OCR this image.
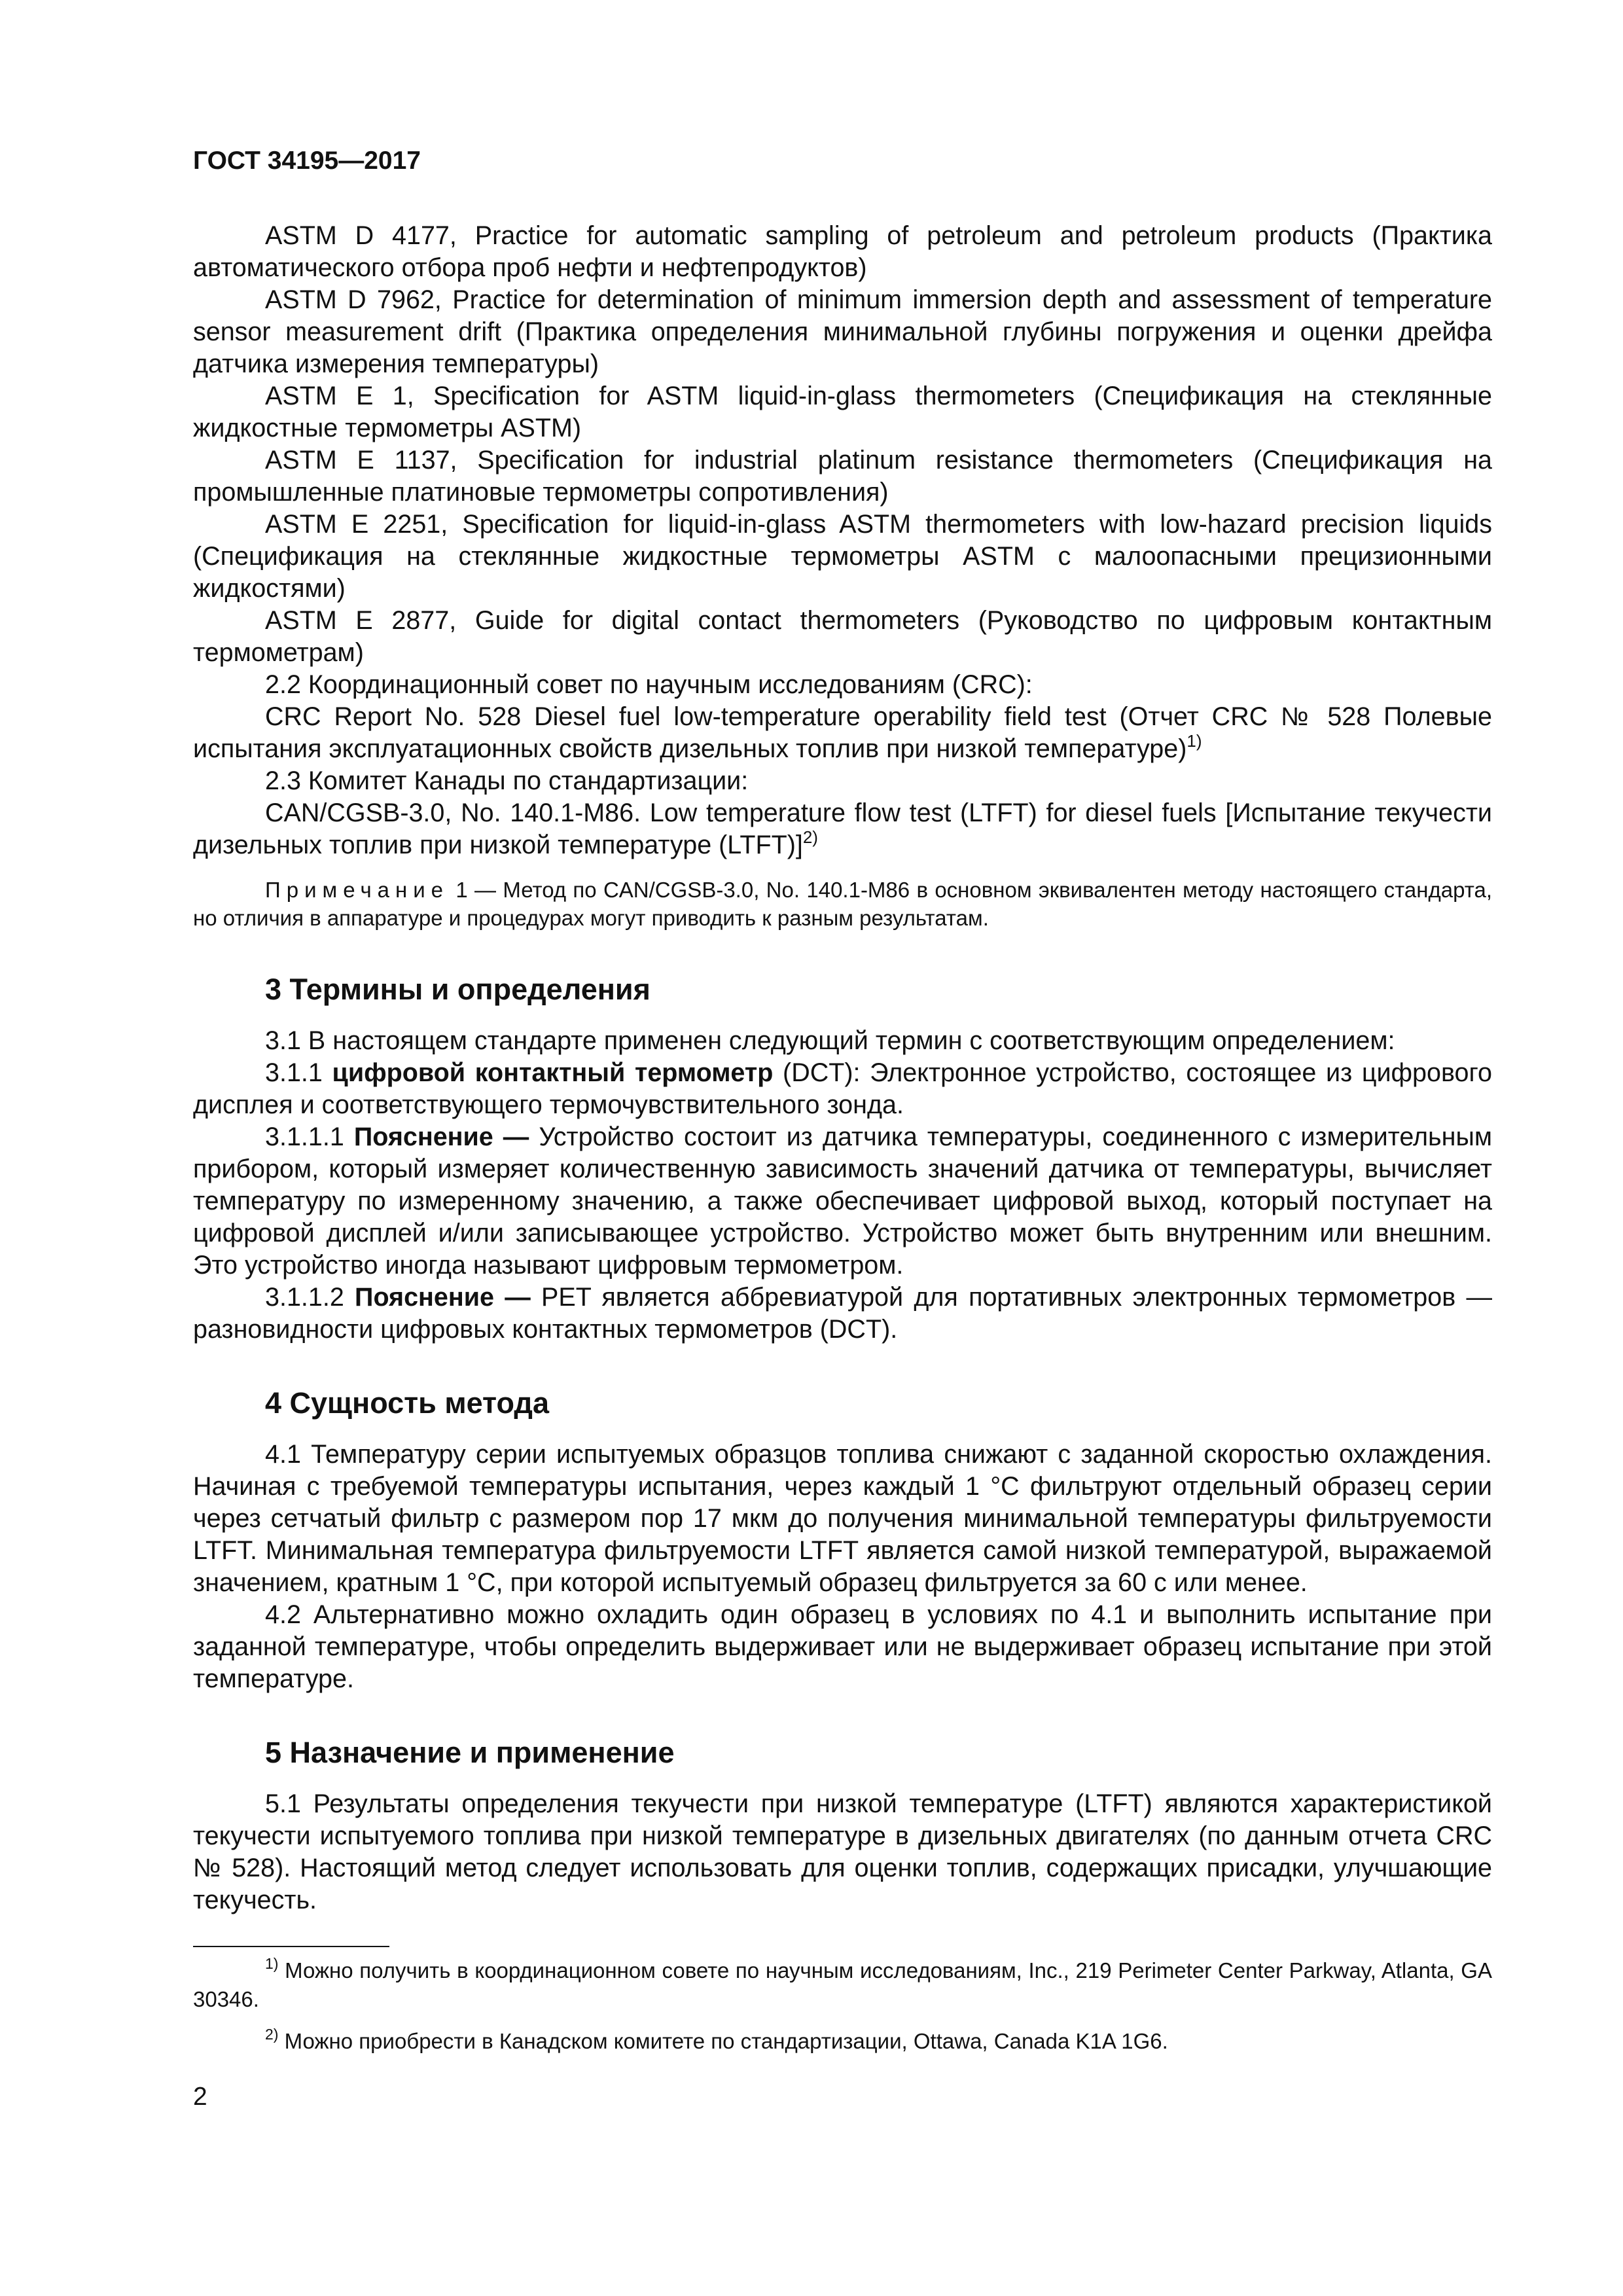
ГОСТ 34195—2017

ASTM D 4177, Practice for automatic sampling of petroleum and petroleum products (Практика автоматического отбора проб нефти и нефтепродуктов)

ASTM D 7962, Practice for determination of minimum immersion depth and assessment of temperature sensor measurement drift (Практика определения минимальной глубины погружения и оценки дрейфа датчика измерения температуры)

ASTM E 1, Specification for ASTM liquid-in-glass thermometers (Спецификация на стеклянные жидкостные термометры ASTM)

ASTM E 1137, Specification for industrial platinum resistance thermometers (Спецификация на промышленные платиновые термометры сопротивления)

ASTM E 2251, Specification for liquid-in-glass ASTM thermometers with low-hazard precision liquids (Спецификация на стеклянные жидкостные термометры ASTM с малоопасными прецизионными жидкостями)

ASTM E 2877, Guide for digital contact thermometers (Руководство по цифровым контактным термометрам)

2.2 Координационный совет по научным исследованиям (CRC):

CRC Report No. 528 Diesel fuel low-temperature operability field test (Отчет CRC № 528 Полевые испытания эксплуатационных свойств дизельных топлив при низкой температуре)$^{1)}$

2.3 Комитет Канады по стандартизации:

CAN/CGSB-3.0, No. 140.1-M86. Low temperature flow test (LTFT) for diesel fuels [Испытание текучести дизельных топлив при низкой температуре (LTFT)]$^{2)}$

Примечание 1 — Метод по CAN/CGSB-3.0, No. 140.1-M86 в основном эквивалентен методу настоящего стандарта, но отличия в аппаратуре и процедурах могут приводить к разным результатам.

3 Термины и определения

3.1 В настоящем стандарте применен следующий термин с соответствующим определением:

3.1.1 цифровой контактный термометр (DCT): Электронное устройство, состоящее из цифрового дисплея и соответствующего термочувствительного зонда.

3.1.1.1 Пояснение — Устройство состоит из датчика температуры, соединенного с измерительным прибором, который измеряет количественную зависимость значений датчика от температуры, вычисляет температуру по измеренному значению, а также обеспечивает цифровой выход, который поступает на цифровой дисплей и/или записывающее устройство. Устройство может быть внутренним или внешним. Это устройство иногда называют цифровым термометром.

3.1.1.2 Пояснение — PET является аббревиатурой для портативных электронных термометров — разновидности цифровых контактных термометров (DCT).

4 Сущность метода

4.1 Температуру серии испытуемых образцов топлива снижают с заданной скоростью охлаждения. Начиная с требуемой температуры испытания, через каждый 1 °С фильтруют отдельный образец серии через сетчатый фильтр с размером пор 17 мкм до получения минимальной температуры фильтруемости LTFT. Минимальная температура фильтруемости LTFT является самой низкой температурой, выражаемой значением, кратным 1 °С, при которой испытуемый образец фильтруется за 60 с или менее.

4.2 Альтернативно можно охладить один образец в условиях по 4.1 и выполнить испытание при заданной температуре, чтобы определить выдерживает или не выдерживает образец испытание при этой температуре.

5 Назначение и применение

5.1 Результаты определения текучести при низкой температуре (LTFT) являются характеристикой текучести испытуемого топлива при низкой температуре в дизельных двигателях (по данным отчета CRC № 528). Настоящий метод следует использовать для оценки топлив, содержащих присадки, улучшающие текучесть.

$^{1)}$ Можно получить в координационном совете по научным исследованиям, Inc., 219 Perimeter Center Parkway, Atlanta, GA 30346.

$^{2)}$ Можно приобрести в Канадском комитете по стандартизации, Ottawa, Canada K1A 1G6.

2
